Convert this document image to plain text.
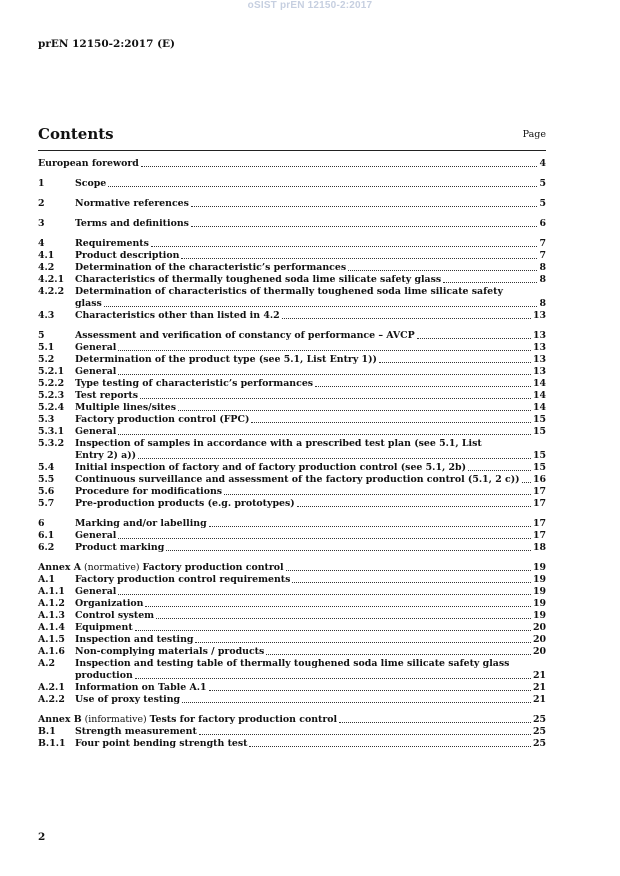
oSIST prEN 12150-2:2017
prEN 12150-2:2017 (E)
Contents	Page
European foreword	4
1	Scope	5
2	Normative references	5
3	Terms and definitions	6
4	Requirements	7
4.1	Product description	7
4.2	Determination of the characteristic’s performances	8
4.2.1	Characteristics of thermally toughened soda lime silicate safety glass	8
4.2.2	Determination of characteristics of thermally toughened soda lime silicate safety
glass	8
4.3	Characteristics other than listed in 4.2	13
5	Assessment and verification of constancy of performance – AVCP	13
5.1	General	13
5.2	Determination of the product type (see 5.1, List Entry 1))	13
5.2.1	General	13
5.2.2	Type testing of characteristic’s performances	14
5.2.3	Test reports	14
5.2.4	Multiple lines/sites	14
5.3	Factory production control (FPC)	15
5.3.1	General	15
5.3.2	Inspection of samples in accordance with a prescribed test plan (see 5.1, List
Entry 2) a))	15
5.4	Initial inspection of factory and of factory production control (see 5.1, 2b)	15
5.5	Continuous surveillance and assessment of the factory production control (5.1, 2 c)) 16
5.6	Procedure for modifications	17
5.7	Pre-production products (e.g. prototypes)	17
6	Marking and/or labelling	17
6.1	General	17
6.2	Product marking	18
Annex A (normative) Factory production control	19
A.1	Factory production control requirements	19
A.1.1	General	19
A.1.2	Organization	19
A.1.3	Control system	19
A.1.4	Equipment	20
A.1.5	Inspection and testing	20
A.1.6	Non-complying materials / products	20
A.2	Inspection and testing table of thermally toughened soda lime silicate safety glass
production	21
A.2.1	Information on Table A.1	21
A.2.2	Use of proxy testing	21
Annex B (informative) Tests for factory production control	25
B.1	Strength measurement	25
B.1.1	Four point bending strength test	25
2
